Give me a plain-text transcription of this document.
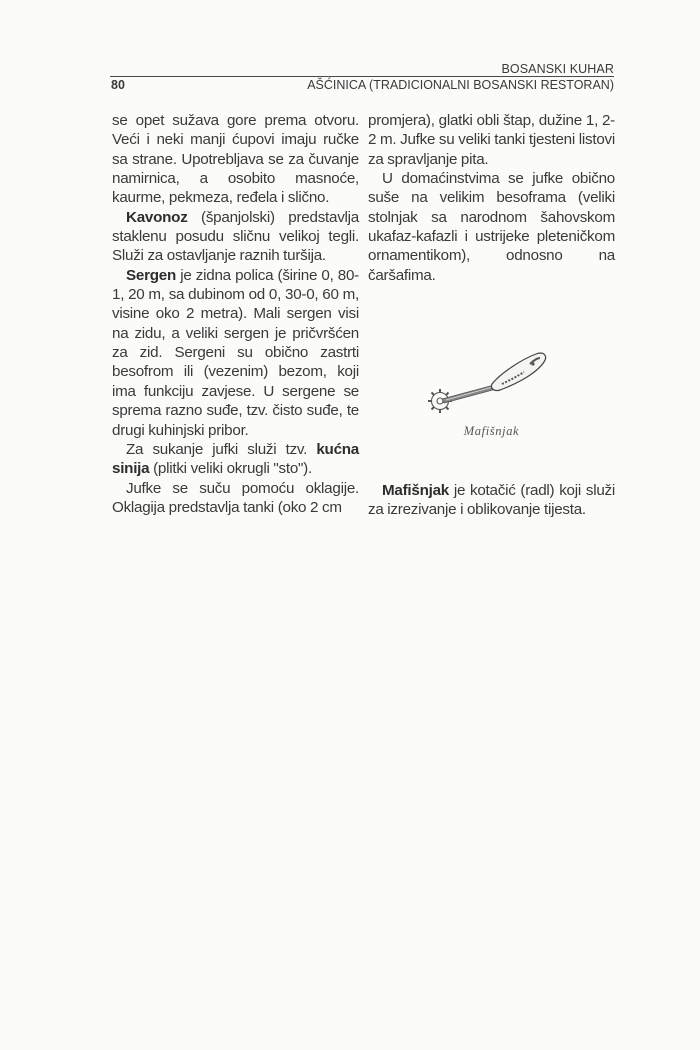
BOSANSKI KUHAR
80	AŠĆINICA (TRADICIONALNI BOSANSKI RESTORAN)

se opet sužava gore prema otvoru. Veći i neki manji ćupovi imaju ručke sa strane. Upotrebljava se za čuvanje namirnica, a osobito masnoće, kaurme, pekmeza, ređela i slično.

Kavonoz (španjolski) predstavlja staklenu posudu sličnu velikoj tegli. Služi za ostavljanje raznih turšija.

Sergen je zidna polica (širine 0, 80-1, 20 m, sa dubinom od 0, 30-0, 60 m, visine oko 2 metra). Mali sergen visi na zidu, a veliki sergen je pričvršćen za zid. Sergeni su obično zastrti besofrom ili (vezenim) bezom, koji ima funkciju zavjese. U sergene se sprema razno suđe, tzv. čisto suđe, te drugi kuhinjski pribor.

Za sukanje jufki služi tzv. kućna sinija (plitki veliki okrugli "sto").

Jufke se suču pomoću oklagije. Oklagija predstavlja tanki (oko 2 cm

promjera), glatki obli štap, dužine 1, 2-2 m. Jufke su veliki tanki tjesteni listovi za spravljanje pita.

U domaćinstvima se jufke obično suše na velikim besoframa (veliki stolnjak sa narodnom šahovskom ukafaz-kafazli i ustrijeke pleteničkom ornamentikom), odnosno na čaršafima.

Mafišnjak

Mafišnjak je kotačić (radl) koji služi za izrezivanje i oblikovanje tijesta.
